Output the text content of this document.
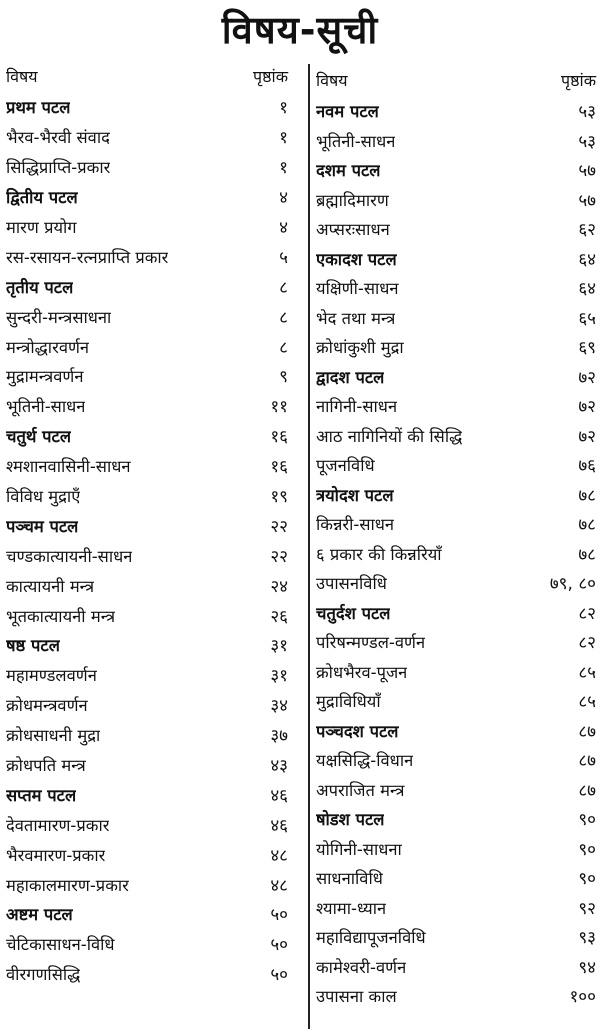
विषय-सूची
विषय	पृष्ठांक
प्रथम पटल	१
भैरव-भैरवी संवाद	१
सिद्धिप्राप्ति-प्रकार	१
द्वितीय पटल	४
मारण प्रयोग	४
रस-रसायन-रत्नप्राप्ति प्रकार	५
तृतीय पटल	८
सुन्दरी-मन्त्रसाधना	८
मन्त्रोद्धारवर्णन	८
मुद्रामन्त्रवर्णन	९
भूतिनी-साधन	११
चतुर्थ पटल	१६
श्मशानवासिनी-साधन	१६
विविध मुद्राएँ	१९
पञ्चम पटल	२२
चण्डकात्यायनी-साधन	२२
कात्यायनी मन्त्र	२४
भूतकात्यायनी मन्त्र	२६
षष्ठ पटल	३१
महामण्डलवर्णन	३१
क्रोधमन्त्रवर्णन	३४
क्रोधसाधनी मुद्रा	३७
क्रोधपति मन्त्र	४३
सप्तम पटल	४६
देवतामारण-प्रकार	४६
भैरवमारण-प्रकार	४८
महाकालमारण-प्रकार	४८
अष्टम पटल	५०
चेटिकासाधन-विधि	५०
वीरगणसिद्धि	५०
विषय	पृष्ठांक
नवम पटल	५३
भूतिनी-साधन	५३
दशम पटल	५७
ब्रह्मादिमारण	५७
अप्सरःसाधन	६२
एकादश पटल	६४
यक्षिणी-साधन	६४
भेद तथा मन्त्र	६५
क्रोधांकुशी मुद्रा	६९
द्वादश पटल	७२
नागिनी-साधन	७२
आठ नागिनियों की सिद्धि	७२
पूजनविधि	७६
त्रयोदश पटल	७८
किन्नरी-साधन	७८
६ प्रकार की किन्नरियाँ	७८
उपासनविधि	७९, ८०
चतुर्दश पटल	८२
परिषन्मण्डल-वर्णन	८२
क्रोधभैरव-पूजन	८५
मुद्राविधियाँ	८५
पञ्चदश पटल	८७
यक्षसिद्धि-विधान	८७
अपराजित मन्त्र	८७
षोडश पटल	९०
योगिनी-साधना	९०
साधनाविधि	९०
श्यामा-ध्यान	९२
महाविद्यापूजनविधि	९३
कामेश्वरी-वर्णन	९४
उपासना काल	१००
